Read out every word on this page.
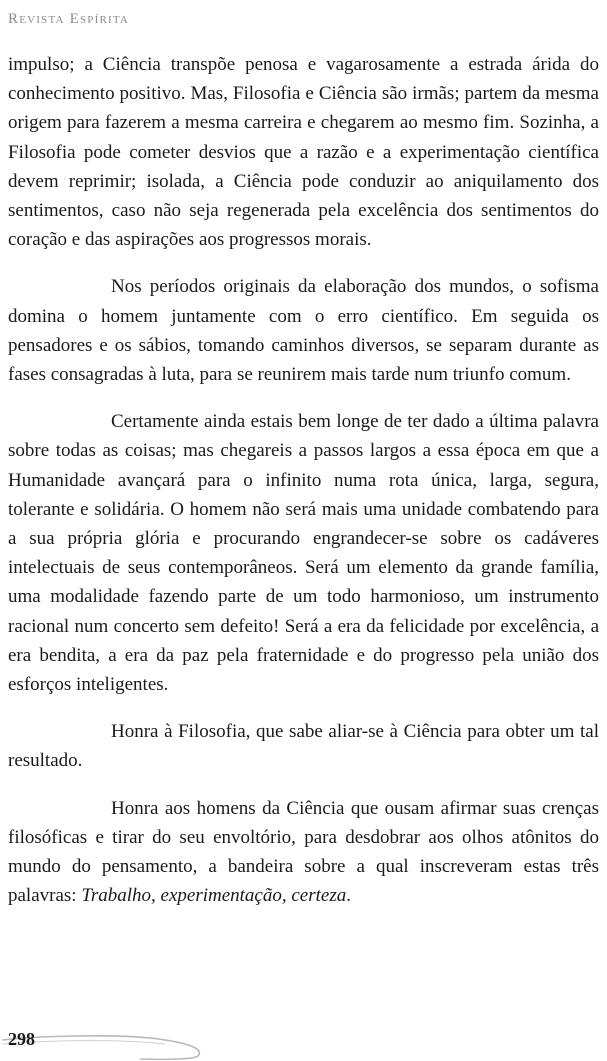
Revista Espírita

impulso; a Ciência transpõe penosa e vagarosamente a estrada árida do conhecimento positivo. Mas, Filosofia e Ciência são irmãs; partem da mesma origem para fazerem a mesma carreira e chegarem ao mesmo fim. Sozinha, a Filosofia pode cometer desvios que a razão e a experimentação científica devem reprimir; isolada, a Ciência pode conduzir ao aniquilamento dos sentimentos, caso não seja regenerada pela excelência dos sentimentos do coração e das aspirações aos progressos morais.

Nos períodos originais da elaboração dos mundos, o sofisma domina o homem juntamente com o erro científico. Em seguida os pensadores e os sábios, tomando caminhos diversos, se separam durante as fases consagradas à luta, para se reunirem mais tarde num triunfo comum.

Certamente ainda estais bem longe de ter dado a última palavra sobre todas as coisas; mas chegareis a passos largos a essa época em que a Humanidade avançará para o infinito numa rota única, larga, segura, tolerante e solidária. O homem não será mais uma unidade combatendo para a sua própria glória e procurando engrandecer-se sobre os cadáveres intelectuais de seus contemporâneos. Será um elemento da grande família, uma modalidade fazendo parte de um todo harmonioso, um instrumento racional num concerto sem defeito! Será a era da felicidade por excelência, a era bendita, a era da paz pela fraternidade e do progresso pela união dos esforços inteligentes.

Honra à Filosofia, que sabe aliar-se à Ciência para obter um tal resultado.

Honra aos homens da Ciência que ousam afirmar suas crenças filosóficas e tirar do seu envoltório, para desdobrar aos olhos atônitos do mundo do pensamento, a bandeira sobre a qual inscreveram estas três palavras: Trabalho, experimentação, certeza.

298
